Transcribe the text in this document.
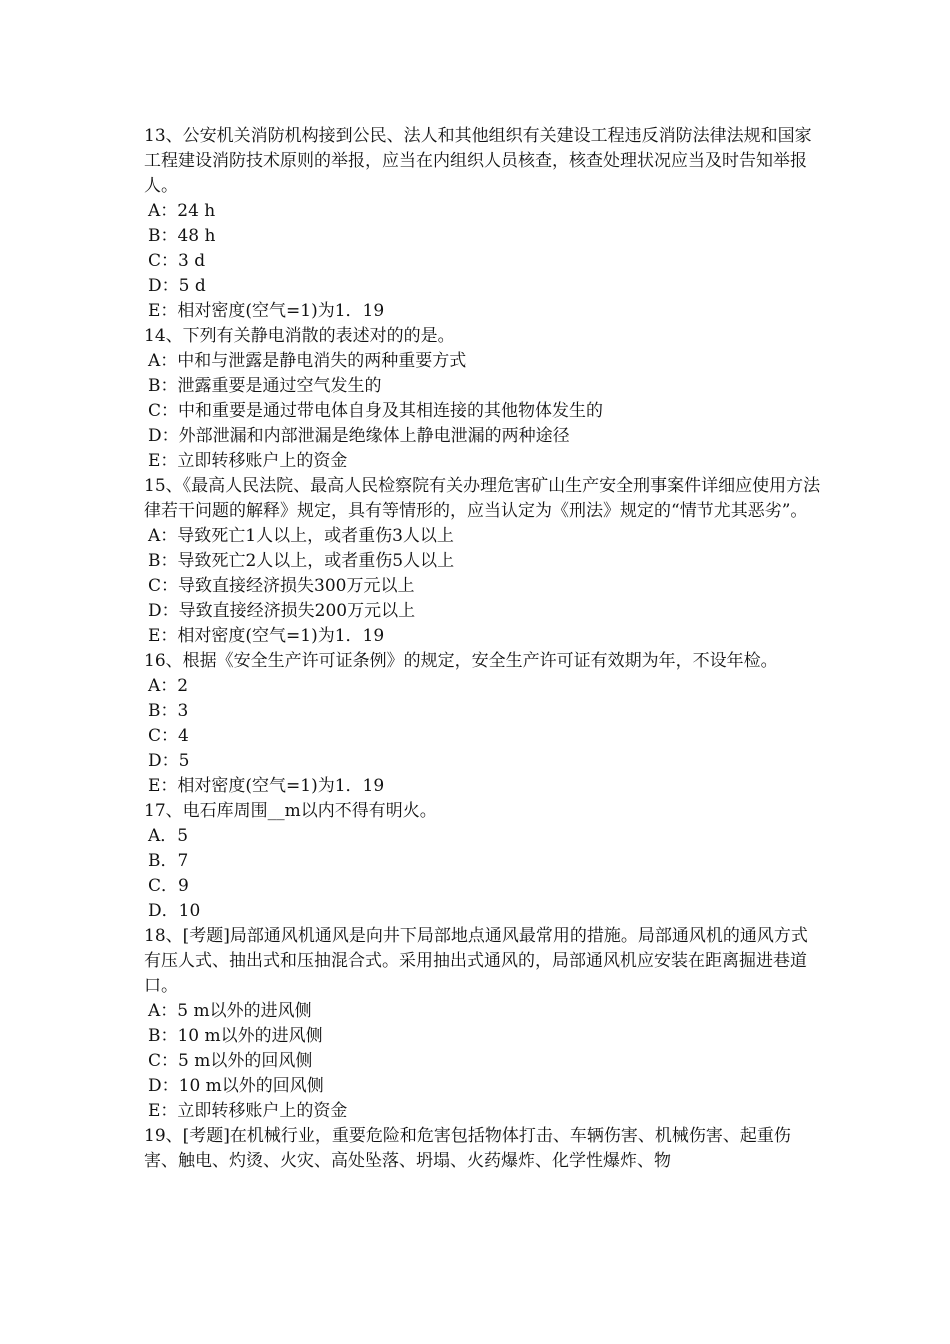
13、公安机关消防机构接到公民、法人和其他组织有关建设工程违反消防法律法规和国家工程建设消防技术原则的举报，应当在内组织人员核查，核查处理状况应当及时告知举报人。

A：24 h
B：48 h
C：3 d
D：5 d
E：相对密度(空气=1)为1．19

14、下列有关静电消散的表述对的的是。

A：中和与泄露是静电消失的两种重要方式
B：泄露重要是通过空气发生的
C：中和重要是通过带电体自身及其相连接的其他物体发生的
D：外部泄漏和内部泄漏是绝缘体上静电泄漏的两种途径
E：立即转移账户上的资金

15、《最高人民法院、最高人民检察院有关办理危害矿山生产安全刑事案件详细应使用方法律若干问题的解释》规定，具有等情形的，应当认定为《刑法》规定的“情节尤其恶劣”。

A：导致死亡1人以上，或者重伤3人以上
B：导致死亡2人以上，或者重伤5人以上
C：导致直接经济损失300万元以上
D：导致直接经济损失200万元以上
E：相对密度(空气=1)为1．19

16、根据《安全生产许可证条例》的规定，安全生产许可证有效期为年，不设年检。

A：2
B：3
C：4
D：5
E：相对密度(空气=1)为1．19

17、电石库周围__m以内不得有明火。

A．5
B．7
C．9
D．10

18、[考题]局部通风机通风是向井下局部地点通风最常用的措施。局部通风机的通风方式有压人式、抽出式和压抽混合式。采用抽出式通风的，局部通风机应安装在距离掘进巷道口。

A：5 m以外的进风侧
B：10 m以外的进风侧
C：5 m以外的回风侧
D：10 m以外的回风侧
E：立即转移账户上的资金

19、[考题]在机械行业，重要危险和危害包括物体打击、车辆伤害、机械伤害、起重伤害、触电、灼烫、火灾、高处坠落、坍塌、火药爆炸、化学性爆炸、物
